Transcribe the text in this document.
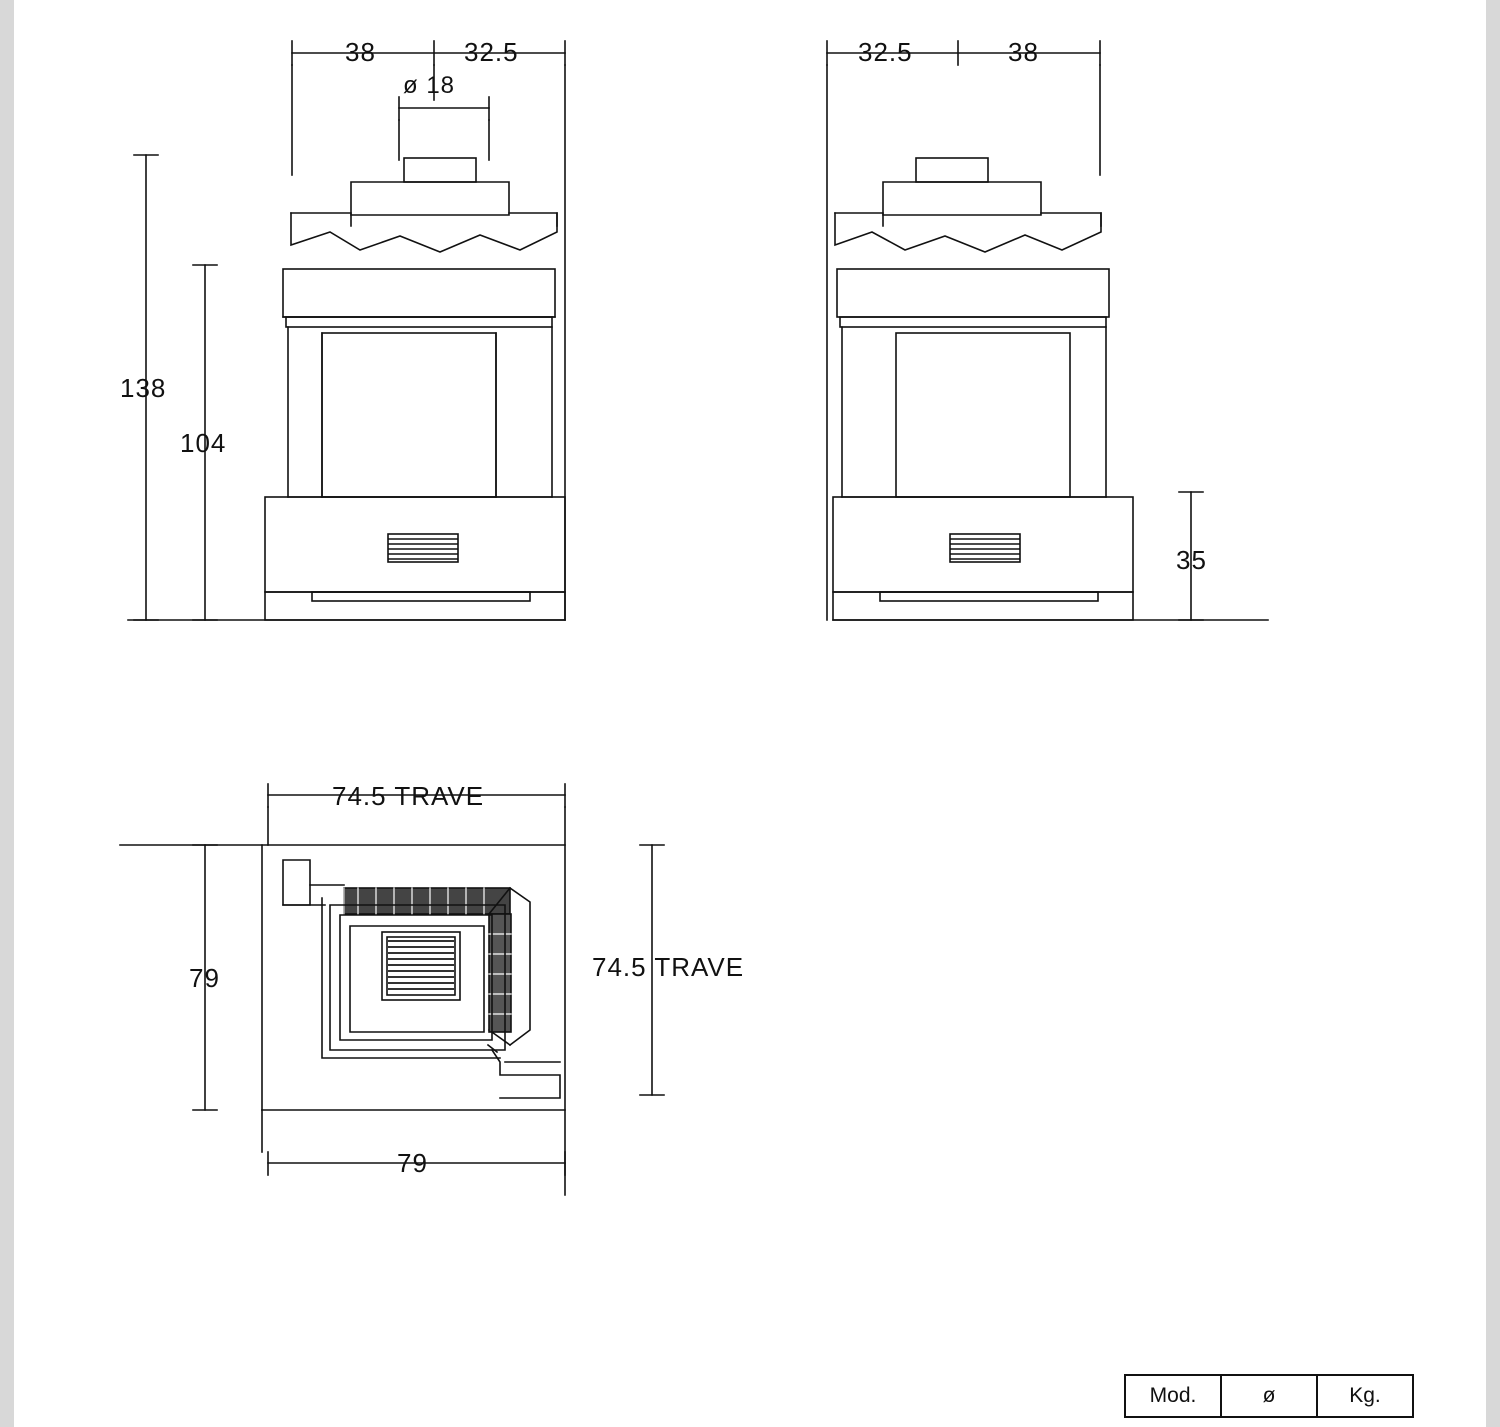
38	32.5
ø 18
138
104
32.5	38
35
74.5 TRAVE
79	74.5 TRAVE
79
Mod.	ø	Kg.
